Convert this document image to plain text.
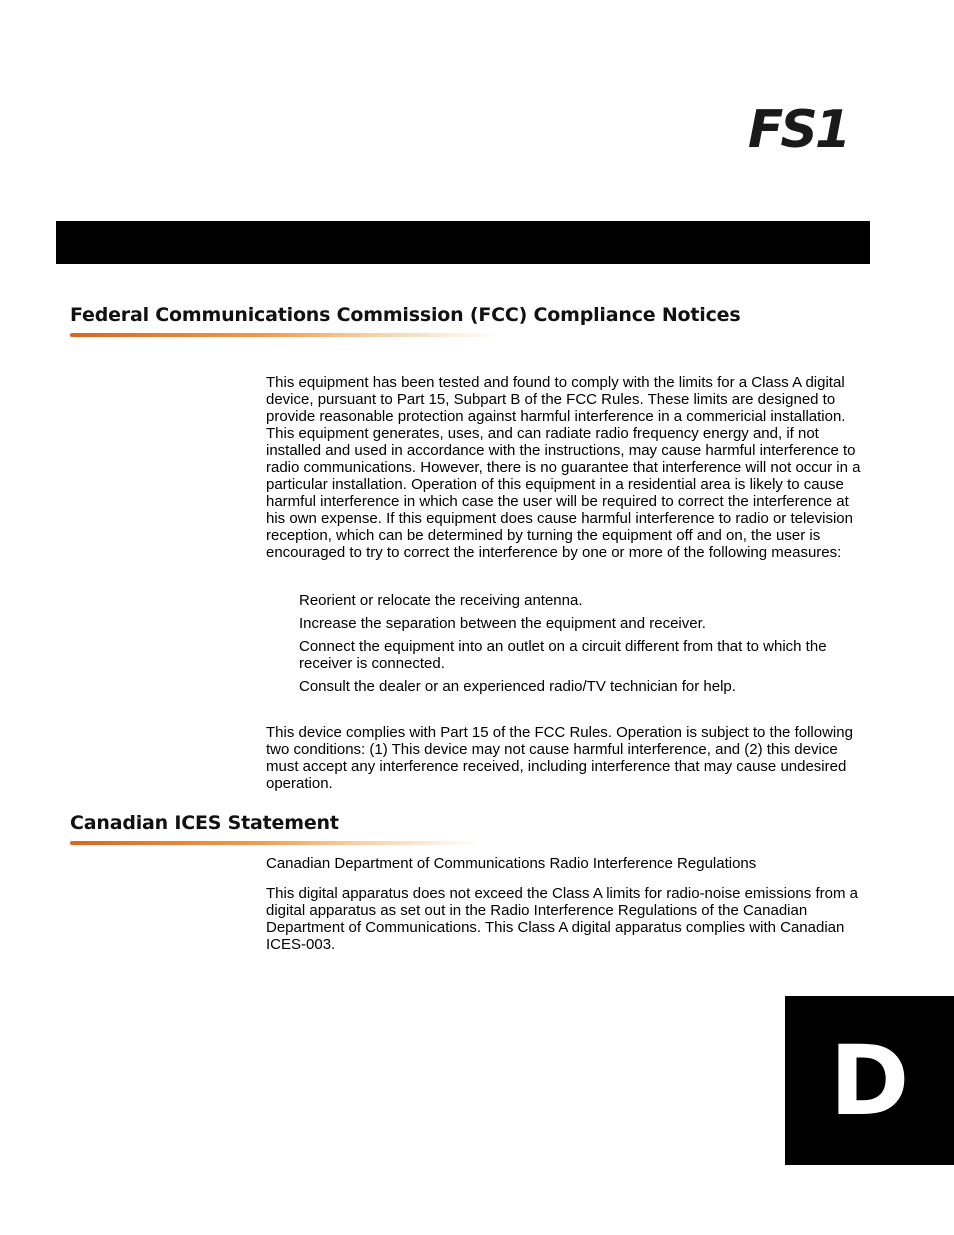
FS1
Federal Communications Commission (FCC) Compliance Notices

This equipment has been tested and found to comply with the limits for a Class A digital device, pursuant to Part 15, Subpart B of the FCC Rules. These limits are designed to provide reasonable protection against harmful interference in a commericial installation. This equipment generates, uses, and can radiate radio frequency energy and, if not installed and used in accordance with the instructions, may cause harmful interference to radio communications. However, there is no guarantee that interference will not occur in a particular installation. Operation of this equipment in a residential area is likely to cause harmful interference in which case the user will be required to correct the interference at his own expense. If this equipment does cause harmful interference to radio or television reception, which can be determined by turning the equipment off and on, the user is encouraged to try to correct the interference by one or more of the following measures:

Reorient or relocate the receiving antenna.
Increase the separation between the equipment and receiver.
Connect the equipment into an outlet on a circuit different from that to which the receiver is connected.
Consult the dealer or an experienced radio/TV technician for help.

This device complies with Part 15 of the FCC Rules. Operation is subject to the following two conditions: (1) This device may not cause harmful interference, and (2) this device must accept any interference received, including interference that may cause undesired operation.

Canadian ICES Statement

Canadian Department of Communications Radio Interference Regulations

This digital apparatus does not exceed the Class A limits for radio-noise emissions from a digital apparatus as set out in the Radio Interference Regulations of the Canadian Department of Communications. This Class A digital apparatus complies with Canadian ICES-003.

D
